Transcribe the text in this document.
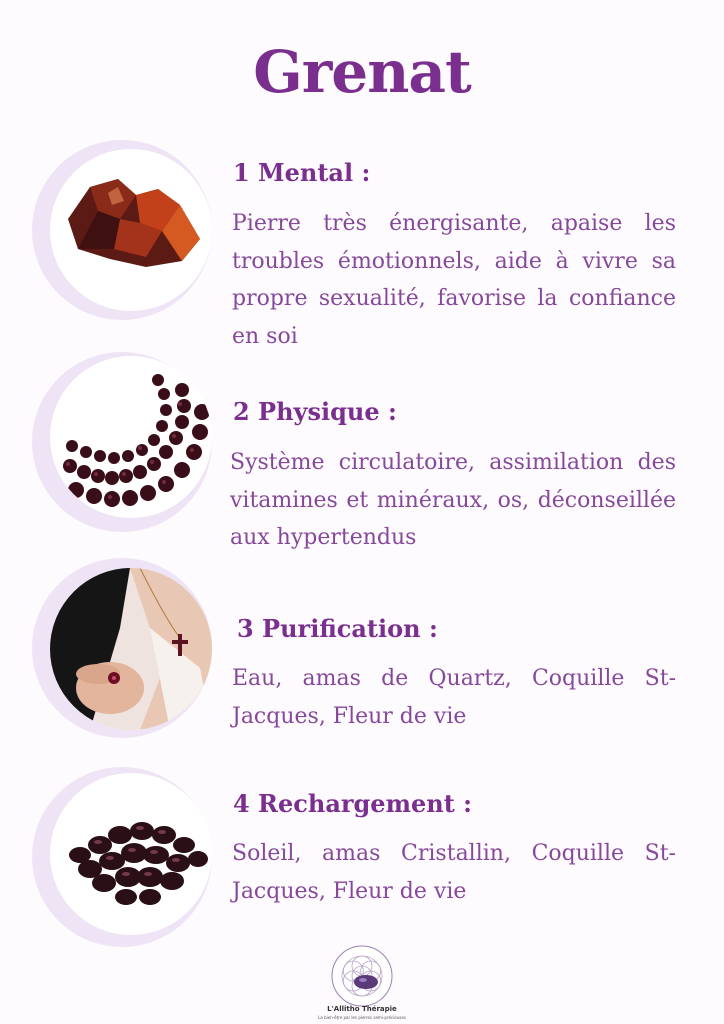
Grenat
1 Mental :
Pierre très énergisante, apaise les troubles émotionnels, aide à vivre sa propre sexualité, favorise la confiance en soi
2 Physique :
Système circulatoire, assimilation des vitamines et minéraux, os, déconseillée aux hypertendus
3 Purification :
Eau, amas de Quartz, Coquille St-Jacques, Fleur de vie
4 Rechargement :
Soleil, amas Cristallin, Coquille St-Jacques, Fleur de vie
L'Allitho Thérapie
La bien-être par les pierres semi-précieuses
